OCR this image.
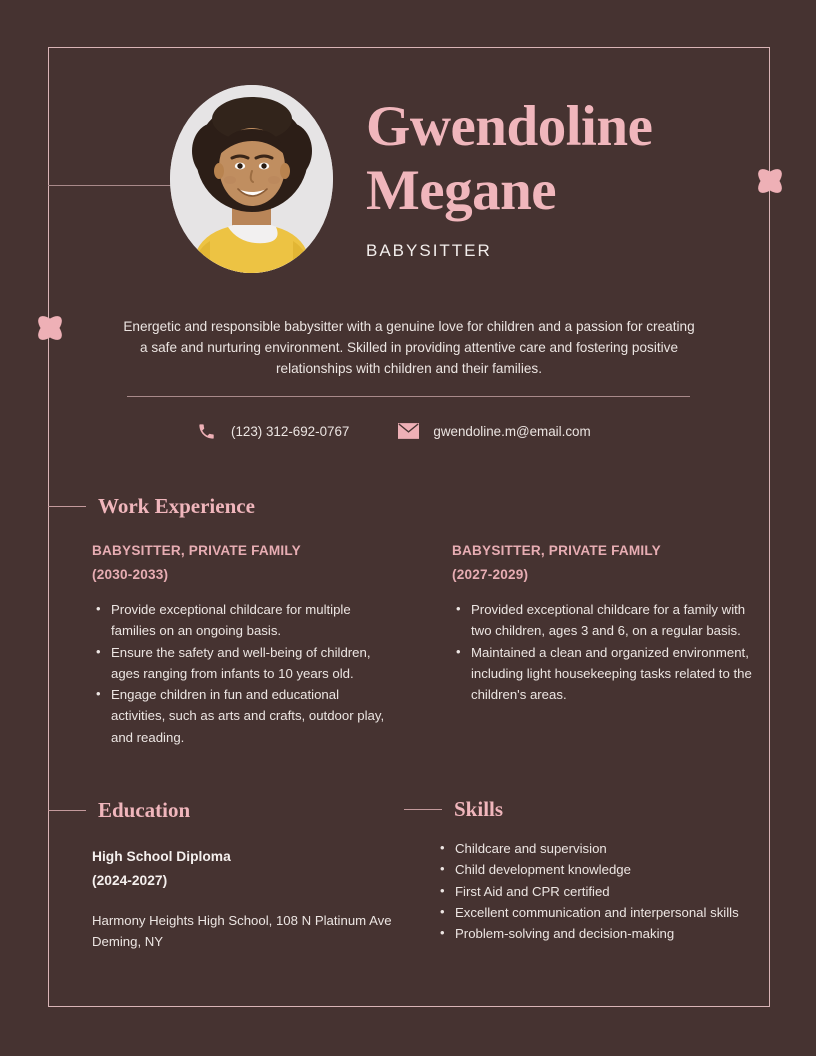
Gwendoline
Megane
BABYSITTER
Energetic and responsible babysitter with a genuine love for children and a passion for creating a safe and nurturing environment. Skilled in providing attentive care and fostering positive relationships with children and their families.
(123) 312-692-0767	gwendoline.m@email.com
Work Experience
BABYSITTER, PRIVATE FAMILY
(2030-2033)
• Provide exceptional childcare for multiple families on an ongoing basis.
• Ensure the safety and well-being of children, ages ranging from infants to 10 years old.
• Engage children in fun and educational activities, such as arts and crafts, outdoor play, and reading.
BABYSITTER, PRIVATE FAMILY
(2027-2029)
• Provided exceptional childcare for a family with two children, ages 3 and 6, on a regular basis.
• Maintained a clean and organized environment, including light housekeeping tasks related to the children's areas.
Education
High School Diploma
(2024-2027)
Harmony Heights High School, 108 N Platinum Ave Deming, NY
Skills
• Childcare and supervision
• Child development knowledge
• First Aid and CPR certified
• Excellent communication and interpersonal skills
• Problem-solving and decision-making
